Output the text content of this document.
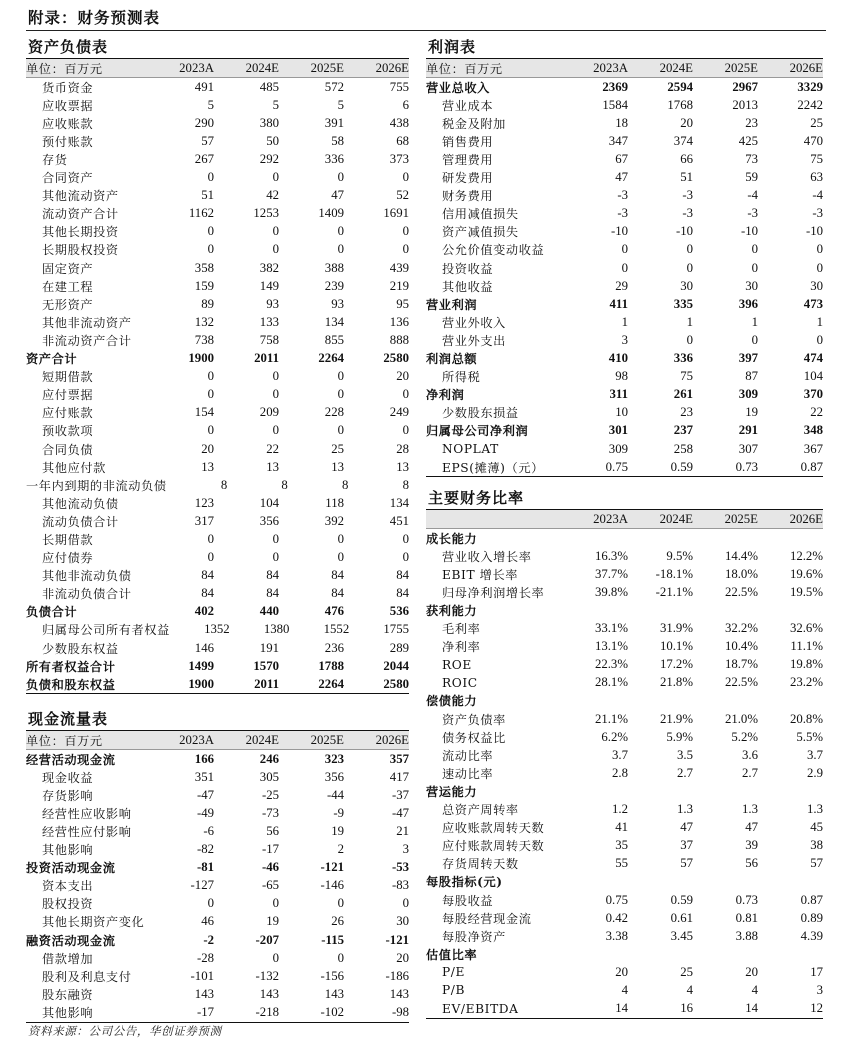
附录：财务预测表
资产负债表
单位：百万元	2023A	2024E	2025E	2026E
货币资金	491	485	572	755
应收票据	5	5	5	6
应收账款	290	380	391	438
预付账款	57	50	58	68
存货	267	292	336	373
合同资产	0	0	0	0
其他流动资产	51	42	47	52
流动资产合计	1162	1253	1409	1691
其他长期投资	0	0	0	0
长期股权投资	0	0	0	0
固定资产	358	382	388	439
在建工程	159	149	239	219
无形资产	89	93	93	95
其他非流动资产	132	133	134	136
非流动资产合计	738	758	855	888
资产合计	1900	2011	2264	2580
短期借款	0	0	0	20
应付票据	0	0	0	0
应付账款	154	209	228	249
预收款项	0	0	0	0
合同负债	20	22	25	28
其他应付款	13	13	13	13
一年内到期的非流动负债	8	8	8	8
其他流动负债	123	104	118	134
流动负债合计	317	356	392	451
长期借款	0	0	0	0
应付债券	0	0	0	0
其他非流动负债	84	84	84	84
非流动负债合计	84	84	84	84
负债合计	402	440	476	536
归属母公司所有者权益	1352	1380	1552	1755
少数股东权益	146	191	236	289
所有者权益合计	1499	1570	1788	2044
负债和股东权益	1900	2011	2264	2580
现金流量表
单位：百万元	2023A	2024E	2025E	2026E
经营活动现金流	166	246	323	357
现金收益	351	305	356	417
存货影响	-47	-25	-44	-37
经营性应收影响	-49	-73	-9	-47
经营性应付影响	-6	56	19	21
其他影响	-82	-17	2	3
投资活动现金流	-81	-46	-121	-53
资本支出	-127	-65	-146	-83
股权投资	0	0	0	0
其他长期资产变化	46	19	26	30
融资活动现金流	-2	-207	-115	-121
借款增加	-28	0	0	20
股利及利息支付	-101	-132	-156	-186
股东融资	143	143	143	143
其他影响	-17	-218	-102	-98
利润表
单位：百万元	2023A	2024E	2025E	2026E
营业总收入	2369	2594	2967	3329
营业成本	1584	1768	2013	2242
税金及附加	18	20	23	25
销售费用	347	374	425	470
管理费用	67	66	73	75
研发费用	47	51	59	63
财务费用	-3	-3	-4	-4
信用减值损失	-3	-3	-3	-3
资产减值损失	-10	-10	-10	-10
公允价值变动收益	0	0	0	0
投资收益	0	0	0	0
其他收益	29	30	30	30
营业利润	411	335	396	473
营业外收入	1	1	1	1
营业外支出	3	0	0	0
利润总额	410	336	397	474
所得税	98	75	87	104
净利润	311	261	309	370
少数股东损益	10	23	19	22
归属母公司净利润	301	237	291	348
NOPLAT	309	258	307	367
EPS(摊薄)（元）	0.75	0.59	0.73	0.87
主要财务比率
2023A	2024E	2025E	2026E
成长能力
营业收入增长率	16.3%	9.5%	14.4%	12.2%
EBIT 增长率	37.7%	-18.1%	18.0%	19.6%
归母净利润增长率	39.8%	-21.1%	22.5%	19.5%
获利能力
毛利率	33.1%	31.9%	32.2%	32.6%
净利率	13.1%	10.1%	10.4%	11.1%
ROE	22.3%	17.2%	18.7%	19.8%
ROIC	28.1%	21.8%	22.5%	23.2%
偿债能力
资产负债率	21.1%	21.9%	21.0%	20.8%
债务权益比	6.2%	5.9%	5.2%	5.5%
流动比率	3.7	3.5	3.6	3.7
速动比率	2.8	2.7	2.7	2.9
营运能力
总资产周转率	1.2	1.3	1.3	1.3
应收账款周转天数	41	47	47	45
应付账款周转天数	35	37	39	38
存货周转天数	55	57	56	57
每股指标(元)
每股收益	0.75	0.59	0.73	0.87
每股经营现金流	0.42	0.61	0.81	0.89
每股净资产	3.38	3.45	3.88	4.39
估值比率
P/E	20	25	20	17
P/B	4	4	4	3
EV/EBITDA	14	16	14	12
资料来源：公司公告，华创证券预测
